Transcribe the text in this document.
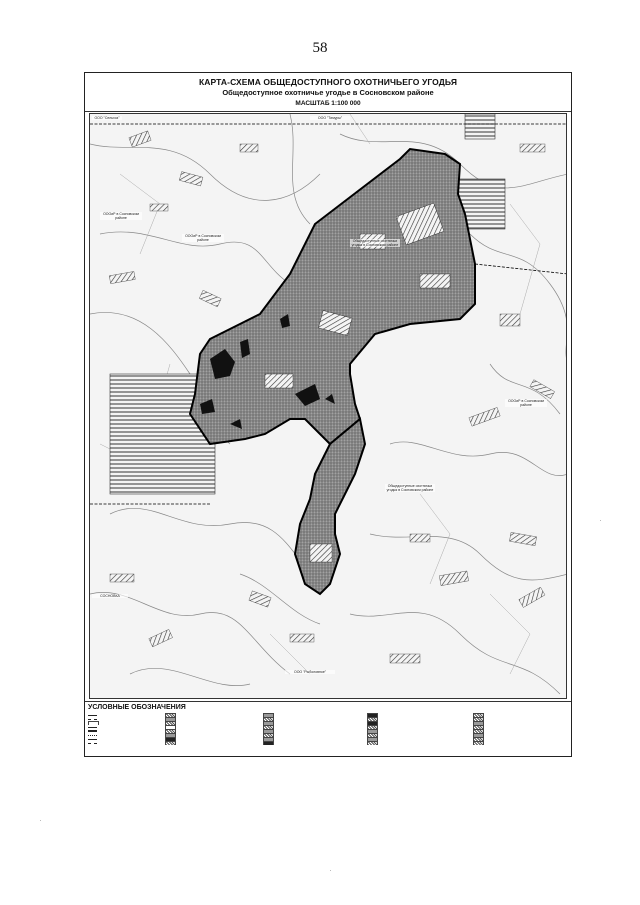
58
КАРТА-СХЕМА ОБЩЕДОСТУПНОГО ОХОТНИЧЬЕГО УГОДЬЯ
Общедоступное охотничье угодье в Сосновском районе
МАСШТАБ 1:100 000
ООО "Сельхоз"	ООО "Тимуры"
ОООиР в Сосновском районе
ОООиР в Сосновском районе	Общедоступные охотничьи угодья в Сосновском районе
ОООиР в Сосновском районе
Общедоступные охотничьи угодья в Сосновском районе
СОСНОВКА
ООО "Рыболовное"
УСЛОВНЫЕ ОБОЗНАЧЕНИЯ
